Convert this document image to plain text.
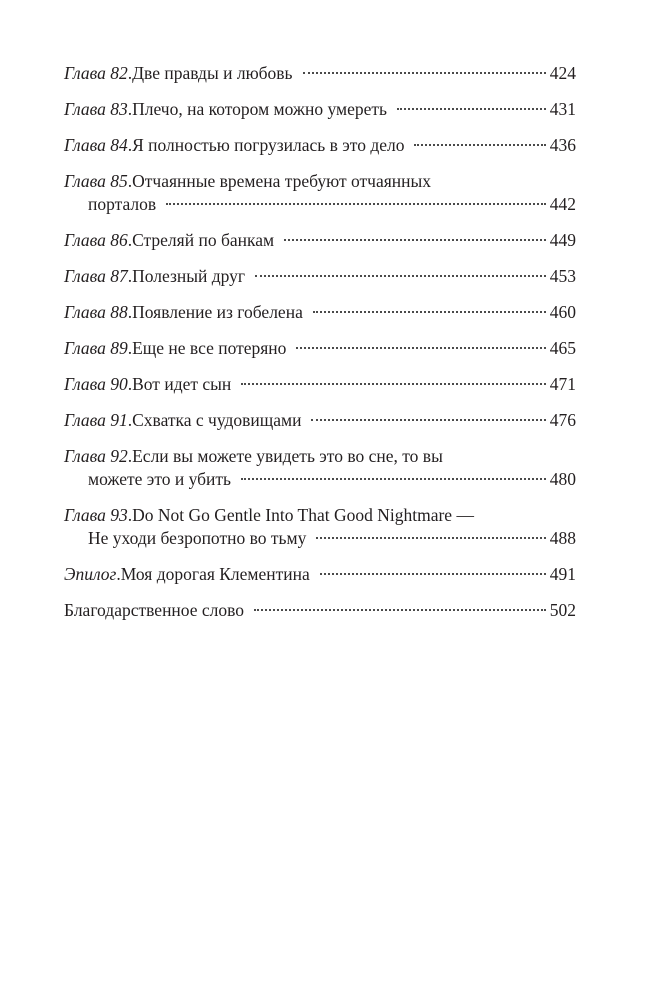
Глава 82 . Две правды и любовь	424
Глава 83 . Плечо, на котором можно умереть	431
Глава 84 . Я полностью погрузилась в это дело	436
Глава 85 . Отчаянные времена требуют отчаянных
порталов	442
Глава 86 . Стреляй по банкам	449
Глава 87 . Полезный друг	453
Глава 88 . Появление из гобелена	460
Глава 89 . Еще не все потеряно	465
Глава 90 . Вот идет сын	471
Глава 91 . Схватка с чудовищами	476
Глава 92 . Если вы можете увидеть это во сне, то вы
можете это и убить	480
Глава 93 . Do Not Go Gentle Into That Good Nightmare —
Не уходи безропотно во тьму	488
Эпилог . Моя дорогая Клементина	491
Благодарственное слово	502
